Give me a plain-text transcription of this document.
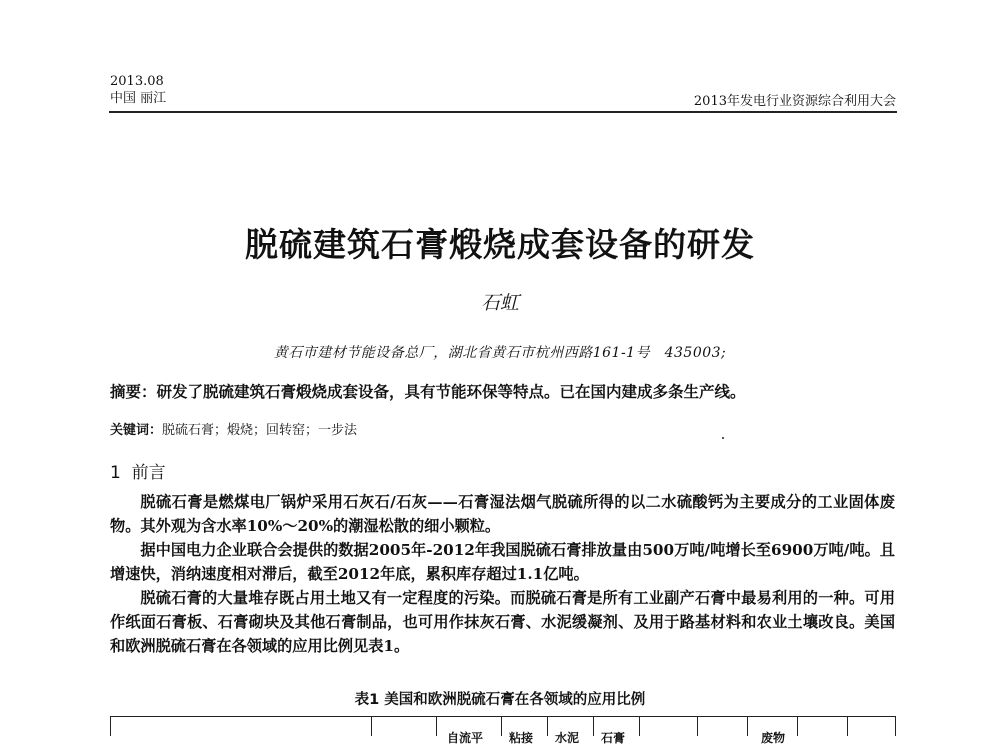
2013.08
中国 丽江	2013年发电行业资源综合利用大会
脱硫建筑石膏煅烧成套设备的研发
石虹
黄石市建材节能设备总厂，湖北省黄石市杭州西路161-1号　435003;
摘要：研发了脱硫建筑石膏煅烧成套设备，具有节能环保等特点。已在国内建成多条生产线。
关键词：脱硫石膏；煅烧；回转窑；一步法
1 前言

脱硫石膏是燃煤电厂锅炉采用石灰石/石灰——石膏湿法烟气脱硫所得的以二水硫酸钙为主要成分的工业固体废物。其外观为含水率10%～20%的潮湿松散的细小颗粒。

据中国电力企业联合会提供的数据2005年-2012年我国脱硫石膏排放量由500万吨/吨增长至6900万吨/吨。且增速快，消纳速度相对滞后，截至2012年底，累积库存超过1.1亿吨。

脱硫石膏的大量堆存既占用土地又有一定程度的污染。而脱硫石膏是所有工业副产石膏中最易利用的一种。可用作纸面石膏板、石膏砌块及其他石膏制品，也可用作抹灰石膏、水泥缓凝剂、及用于路基材料和农业土壤改良。美国和欧洲脱硫石膏在各领域的应用比例见表1。

表1 美国和欧洲脱硫石膏在各领域的应用比例
自流平 粘接 水泥 石膏	废物
